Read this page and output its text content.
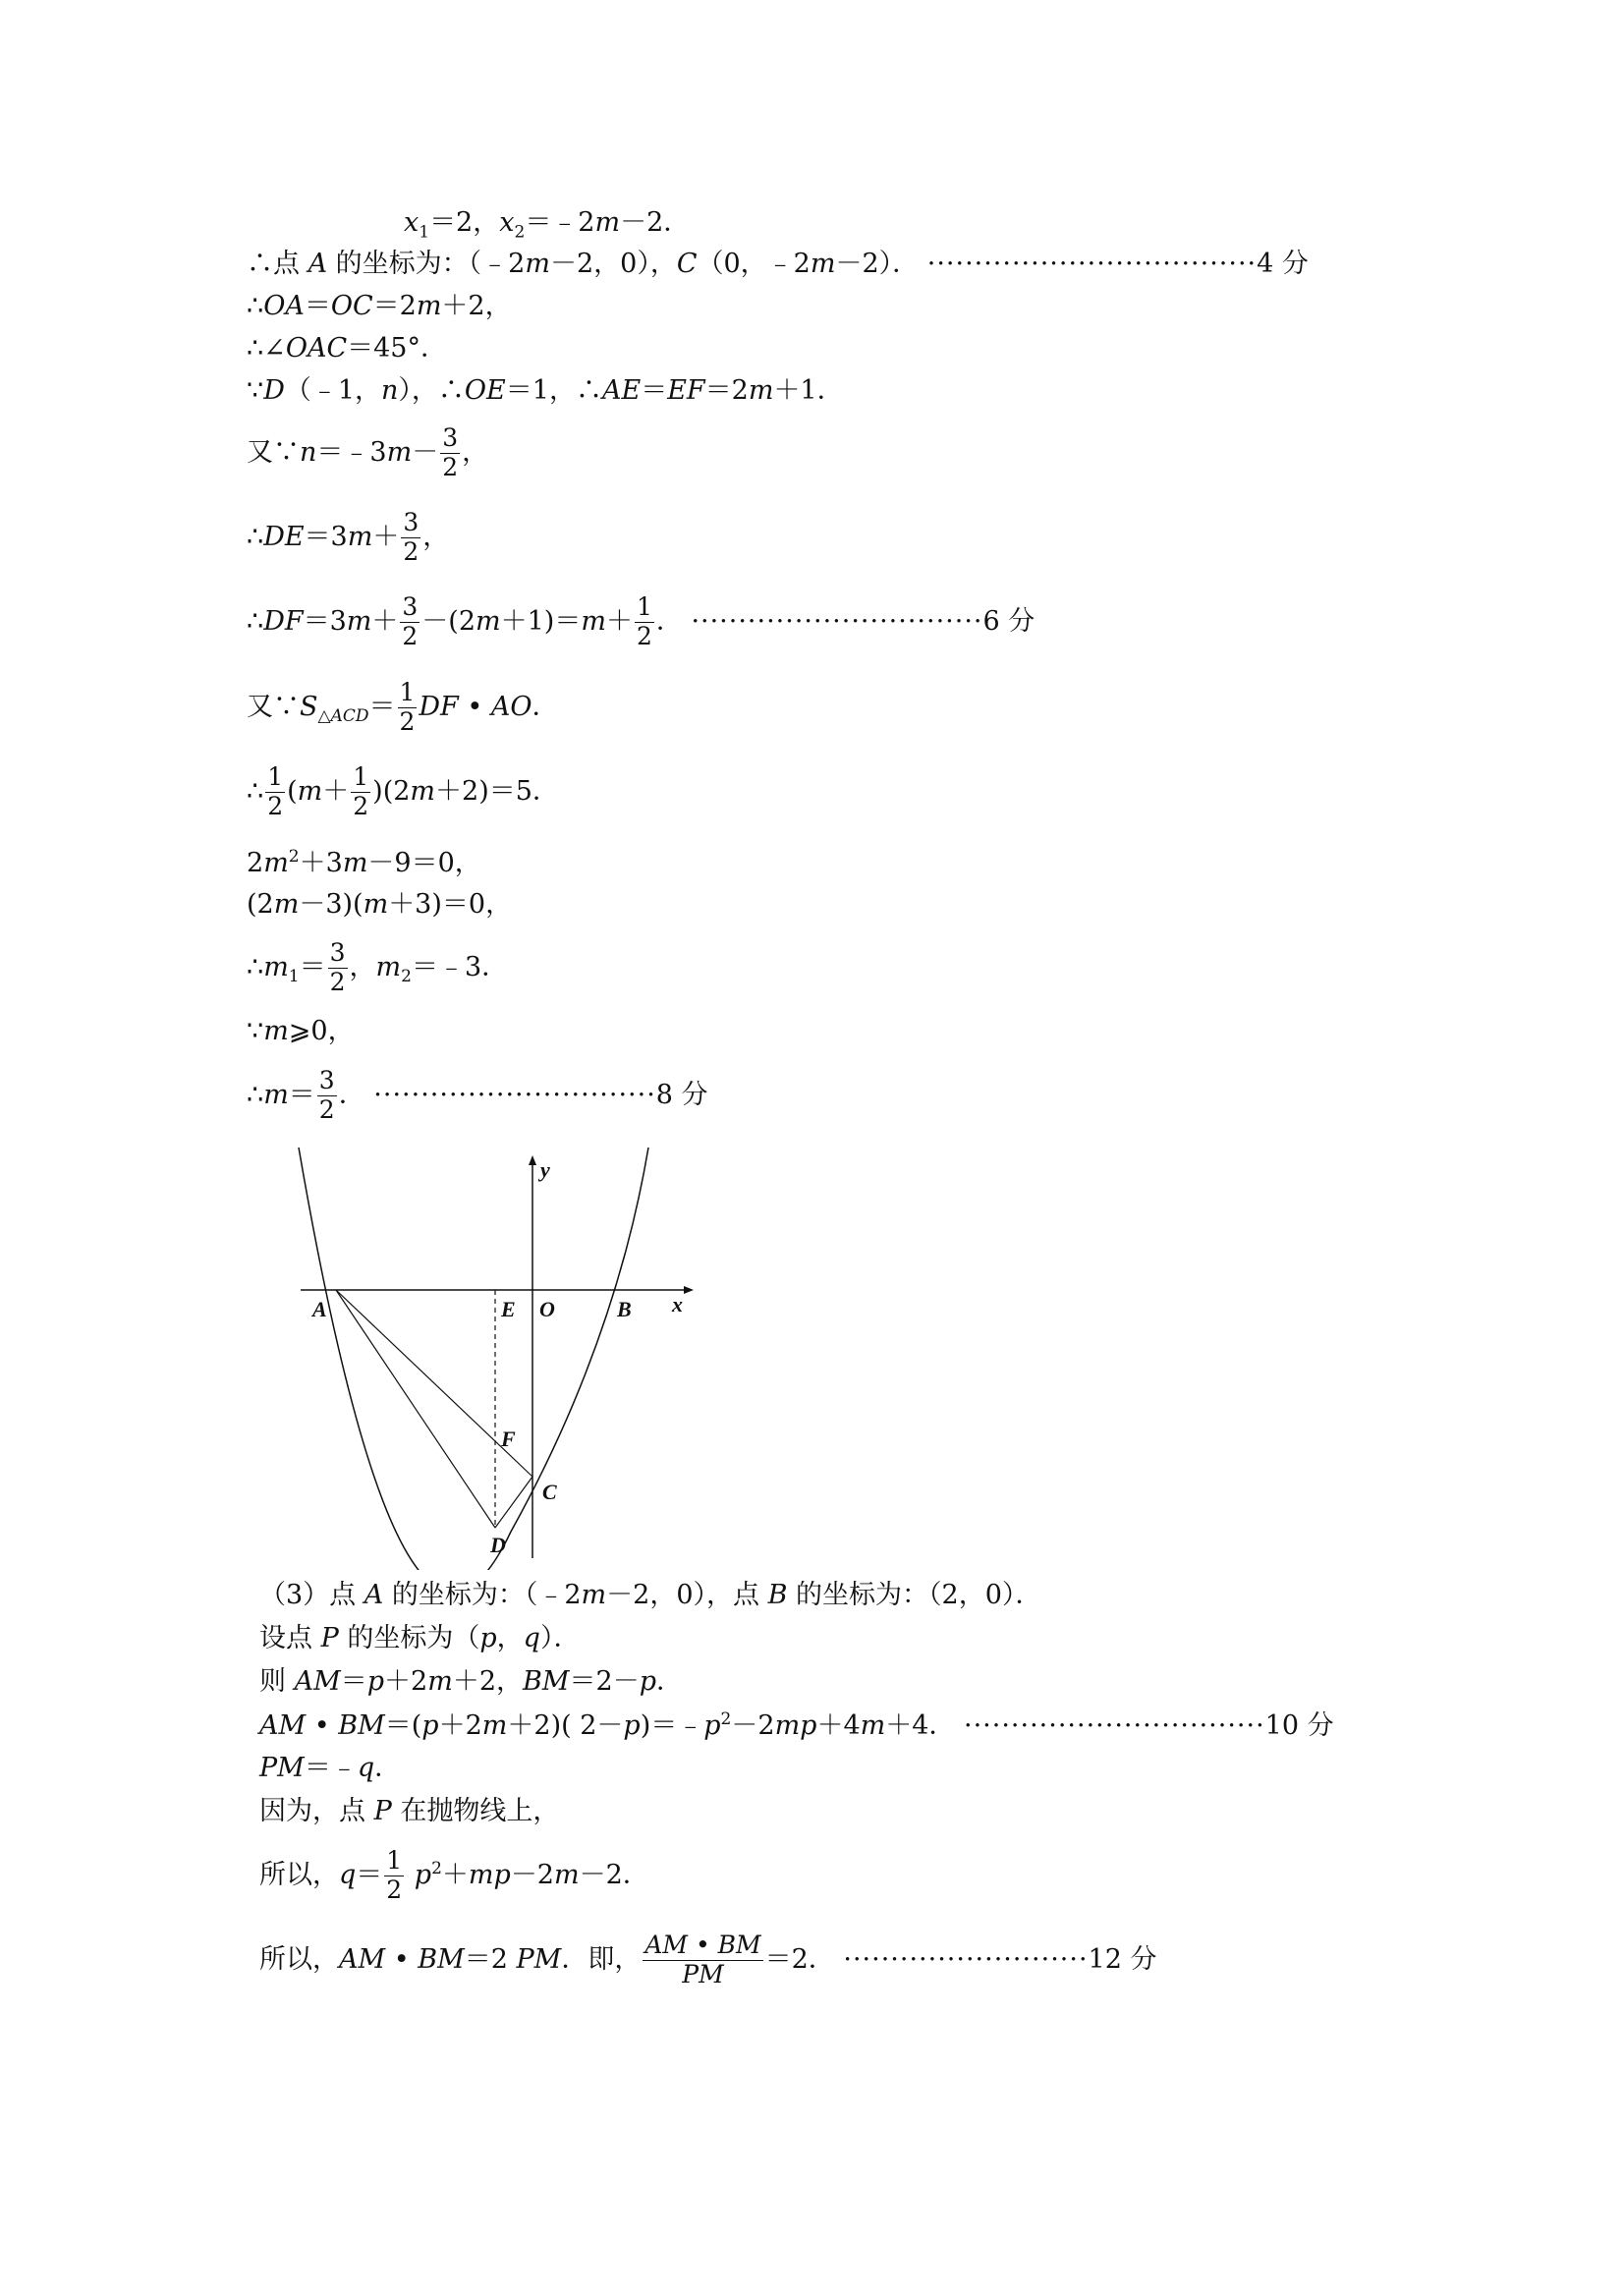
$x_1=2$，$x_2=﹣2m-2$．
∴点 A 的坐标为：（﹣2m－2，0），C（0，﹣2m－2）． ···································4 分
∴OA＝OC＝2m＋2，
∴∠OAC＝45°．
∵D（﹣1，n），∴OE＝1，∴AE＝EF＝2m＋1．
又∵n＝﹣3m－ $\frac{3}{2}$ ，
∴DE＝3m＋ $\frac{3}{2}$ ，
∴DF＝3m＋ $\frac{3}{2} -(2m+1)=m+ \frac{1}{2}$ ． ·······························6 分
又$\because S_{\triangle ACD}= \frac{1}{2}$ DF • AO．
∴ $\frac{1}{2} (m+ \frac{1}{2} )(2m+2)=5$．
$2m^2+3m-9=0$，
(2m－3)(m＋3)＝0，
$\therefore m_1= \frac{3}{2}$ ，$m_2=﹣3$．
∵m⩾0，
∴m＝ $\frac{3}{2}$ ． ······························8 分
y
x
A	E O	B
F
C
D
（3）点 A 的坐标为：（﹣2m－2，0），点 B 的坐标为：（2，0）．
设点 P 的坐标为（p，q）．
则 AM＝p＋2m＋2，BM＝2－p．
AM • BM＝(p＋2m＋2)( $2-p)=﹣p^2-2mp+4m+4$． ································10 分
PM＝﹣q．
因为，点 P 在抛物线上，
所以，$q= \frac{1}{2} p^2+mp-2m-2$．
所以，AM • BM＝2 PM．即， $\frac{AM • BM}{PM} =2$． ··························12 分
